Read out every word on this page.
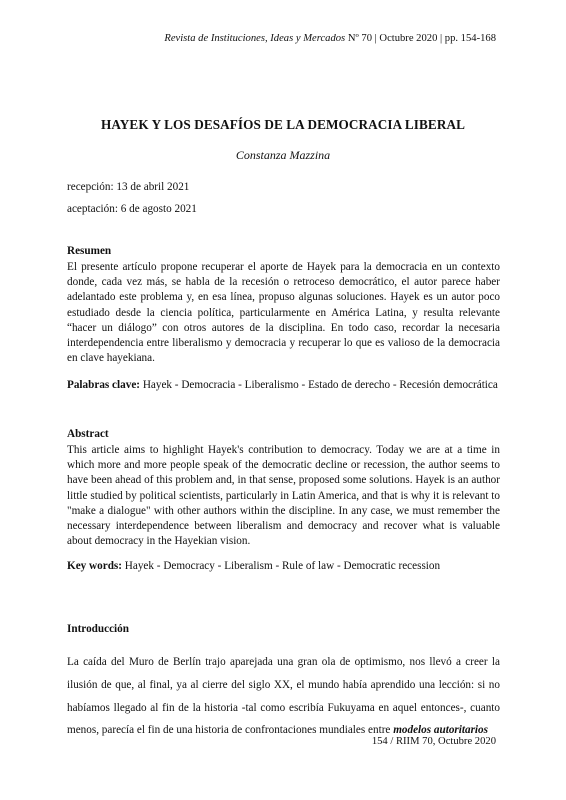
Revista de Instituciones, Ideas y Mercados Nº 70 | Octubre 2020 | pp. 154-168
HAYEK Y LOS DESAFÍOS DE LA DEMOCRACIA LIBERAL
Constanza Mazzina
recepción: 13 de abril 2021
aceptación: 6 de agosto 2021
Resumen
El presente artículo propone recuperar el aporte de Hayek para la democracia en un contexto donde, cada vez más, se habla de la recesión o retroceso democrático, el autor parece haber adelantado este problema y, en esa línea, propuso algunas soluciones. Hayek es un autor poco estudiado desde la ciencia política, particularmente en América Latina, y resulta relevante “hacer un diálogo” con otros autores de la disciplina. En todo caso, recordar la necesaria interdependencia entre liberalismo y democracia y recuperar lo que es valioso de la democracia en clave hayekiana.
Palabras clave: Hayek - Democracia - Liberalismo - Estado de derecho - Recesión democrática
Abstract
This article aims to highlight Hayek's contribution to democracy. Today we are at a time in which more and more people speak of the democratic decline or recession, the author seems to have been ahead of this problem and, in that sense, proposed some solutions. Hayek is an author little studied by political scientists, particularly in Latin America, and that is why it is relevant to "make a dialogue" with other authors within the discipline. In any case, we must remember the necessary interdependence between liberalism and democracy and recover what is valuable about democracy in the Hayekian vision.
Key words: Hayek - Democracy - Liberalism - Rule of law - Democratic recession
Introducción
La caída del Muro de Berlín trajo aparejada una gran ola de optimismo, nos llevó a creer la ilusión de que, al final, ya al cierre del siglo XX, el mundo había aprendido una lección: si no habíamos llegado al fin de la historia -tal como escribía Fukuyama en aquel entonces-, cuanto menos, parecía el fin de una historia de confrontaciones mundiales entre modelos autoritarios
154 / RIIM 70, Octubre 2020
